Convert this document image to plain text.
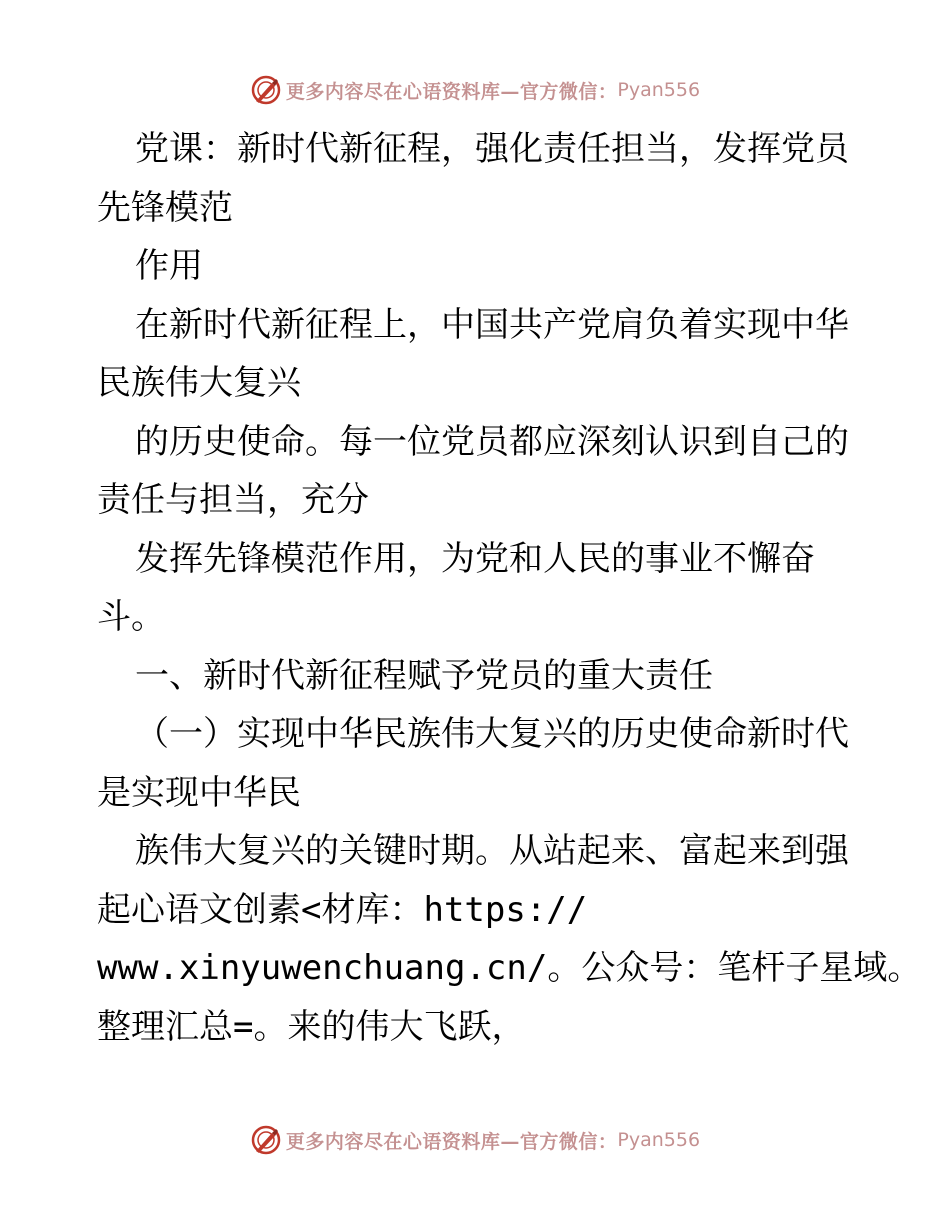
更多内容尽在心语资料库—官方微信： Pyan556
党课：新时代新征程，强化责任担当，发挥党员
先锋模范
作用
在新时代新征程上，中国共产党肩负着实现中华
民族伟大复兴
的历史使命。每一位党员都应深刻认识到自己的
责任与担当，充分
发挥先锋模范作用，为党和人民的事业不懈奋
斗。
一、新时代新征程赋予党员的重大责任
（一）实现中华民族伟大复兴的历史使命新时代
是实现中华民
族伟大复兴的关键时期。从站起来、富起来到强
起心语文创素<材库：https://
www.xinyuwenchuang.cn/。公众号：笔杆子星域。
整理汇总=。来的伟大飞跃，
更多内容尽在心语资料库—官方微信： Pyan556
